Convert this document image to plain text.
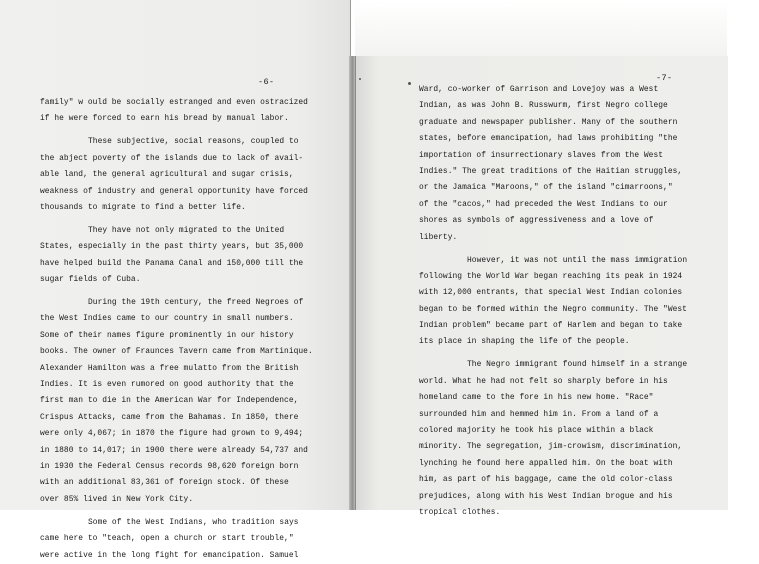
-6-
family" w ould be socially estranged and even ostracized
if he were forced to earn his bread by manual labor.
These subjective, social reasons, coupled to
the abject poverty of the islands due to lack of avail-
able land, the general agricultural and sugar crisis,
weakness of industry and general opportunity have forced
thousands to migrate to find a better life.
They have not only migrated to the United
States, especially in the past thirty years, but 35,000
have helped build the Panama Canal and 150,000 till the
sugar fields of Cuba.
During the 19th century, the freed Negroes of
the West Indies came to our country in small numbers.
Some of their names figure prominently in our history
books. The owner of Fraunces Tavern came from Martinique.
Alexander Hamilton was a free mulatto from the British
Indies. It is even rumored on good authority that the
first man to die in the American War for Independence,
Crispus Attacks, came from the Bahamas. In 1850, there
were only 4,067; in 1870 the figure had grown to 9,494;
in 1880 to 14,017; in 1900 there were already 54,737 and
in 1930 the Federal Census records 98,620 foreign born
with an additional 83,361 of foreign stock. Of these
over 85% lived in New York City.
Some of the West Indians, who tradition says
came here to "teach, open a church or start trouble,"
were active in the long fight for emancipation. Samuel
-7-
Ward, co-worker of Garrison and Lovejoy was a West
Indian, as was John B. Russwurm, first Negro college
graduate and newspaper publisher. Many of the southern
states, before emancipation, had laws prohibiting "the
importation of insurrectionary slaves from the West
Indies." The great traditions of the Haitian struggles,
or the Jamaica "Maroons," of the island "cimarroons,"
of the "cacos," had preceded the West Indians to our
shores as symbols of aggressiveness and a love of
liberty.
However, it was not until the mass immigration
following the World War began reaching its peak in 1924
with 12,000 entrants, that special West Indian colonies
began to be formed within the Negro community. The "West
Indian problem" became part of Harlem and began to take
its place in shaping the life of the people.
The Negro immigrant found himself in a strange
world. What he had not felt so sharply before in his
homeland came to the fore in his new home. "Race"
surrounded him and hemmed him in. From a land of a
colored majority he took his place within a black
minority. The segregation, jim-crowism, discrimination,
lynching he found here appalled him. On the boat with
him, as part of his baggage, came the old color-class
prejudices, along with his West Indian brogue and his
tropical clothes.
